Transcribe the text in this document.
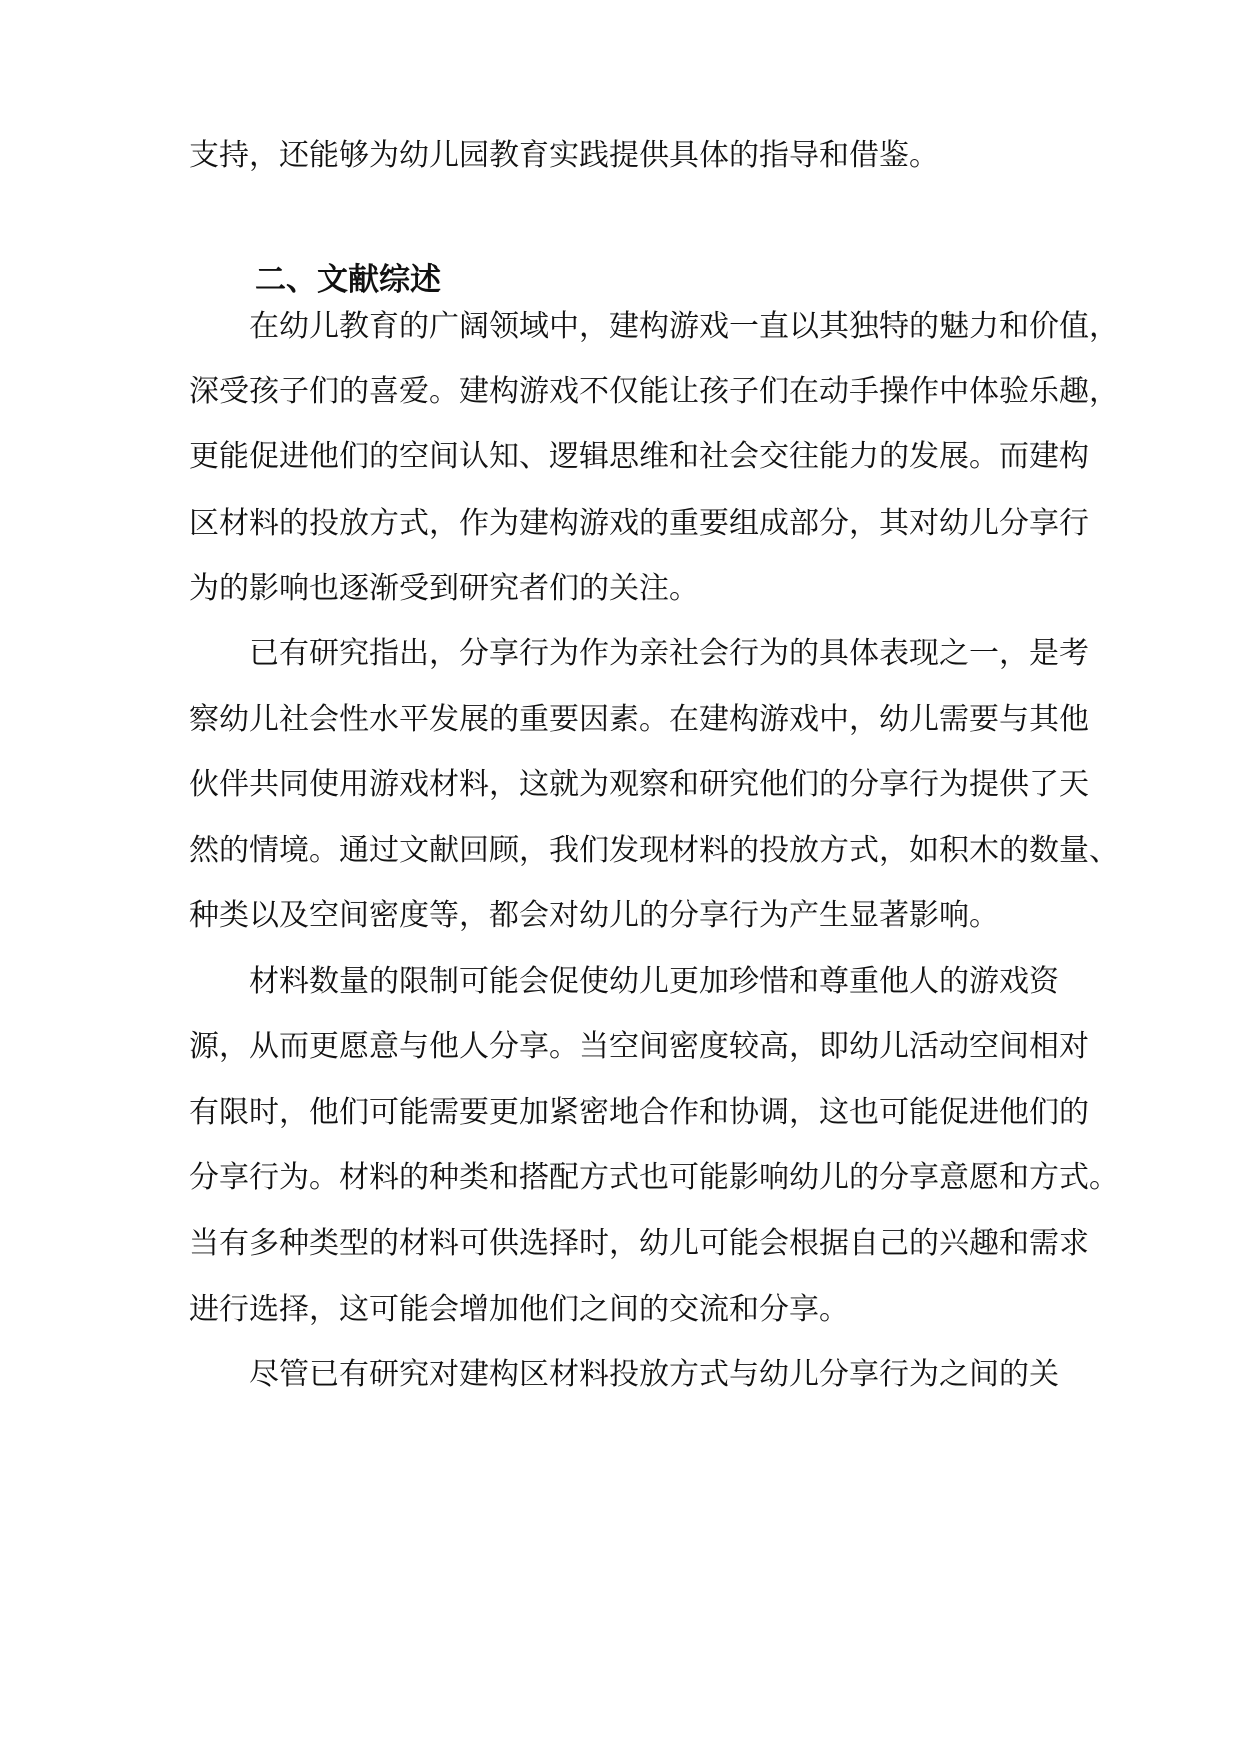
支持，还能够为幼儿园教育实践提供具体的指导和借鉴。
二、文献综述
在幼儿教育的广阔领域中，建构游戏一直以其独特的魅力和价值，
深受孩子们的喜爱。建构游戏不仅能让孩子们在动手操作中体验乐趣，
更能促进他们的空间认知、逻辑思维和社会交往能力的发展。而建构
区材料的投放方式，作为建构游戏的重要组成部分，其对幼儿分享行
为的影响也逐渐受到研究者们的关注。
已有研究指出，分享行为作为亲社会行为的具体表现之一，是考
察幼儿社会性水平发展的重要因素。在建构游戏中，幼儿需要与其他
伙伴共同使用游戏材料，这就为观察和研究他们的分享行为提供了天
然的情境。通过文献回顾，我们发现材料的投放方式，如积木的数量、
种类以及空间密度等，都会对幼儿的分享行为产生显著影响。
材料数量的限制可能会促使幼儿更加珍惜和尊重他人的游戏资
源，从而更愿意与他人分享。当空间密度较高，即幼儿活动空间相对
有限时，他们可能需要更加紧密地合作和协调，这也可能促进他们的
分享行为。材料的种类和搭配方式也可能影响幼儿的分享意愿和方式。
当有多种类型的材料可供选择时，幼儿可能会根据自己的兴趣和需求
进行选择，这可能会增加他们之间的交流和分享。
尽管已有研究对建构区材料投放方式与幼儿分享行为之间的关
